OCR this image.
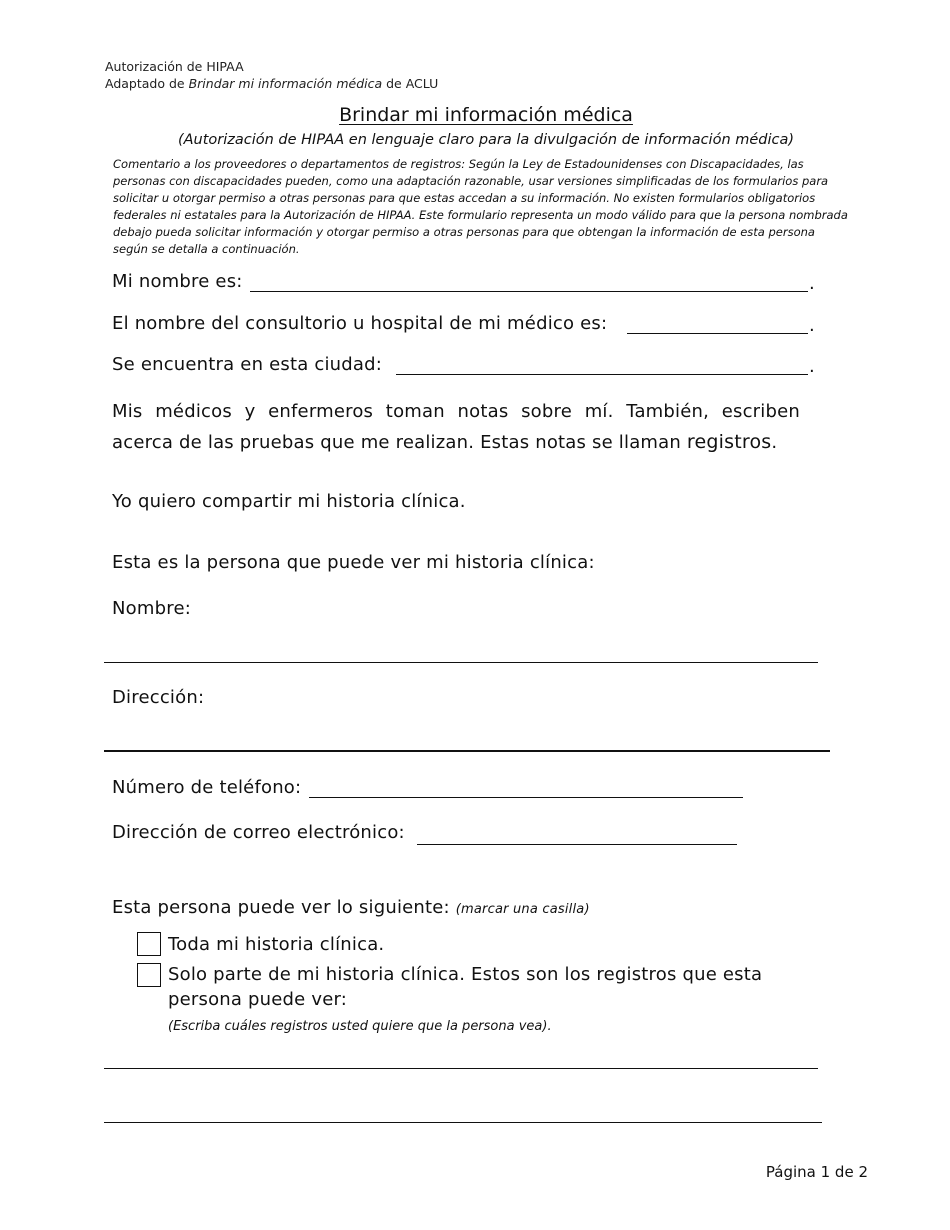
Autorización de HIPAA
Adaptado de Brindar mi información médica de ACLU
Brindar mi información médica
(Autorización de HIPAA en lenguaje claro para la divulgación de información médica)
Comentario a los proveedores o departamentos de registros: Según la Ley de Estadounidenses con Discapacidades, las personas con discapacidades pueden, como una adaptación razonable, usar versiones simplificadas de los formularios para solicitar u otorgar permiso a otras personas para que estas accedan a su información. No existen formularios obligatorios federales ni estatales para la Autorización de HIPAA. Este formulario representa un modo válido para que la persona nombrada debajo pueda solicitar información y otorgar permiso a otras personas para que obtengan la información de esta persona según se detalla a continuación.
Mi nombre es:	.
El nombre del consultorio u hospital de mi médico es:	.
Se encuentra en esta ciudad:	.
Mis médicos y enfermeros toman notas sobre mí. También, escriben acerca de las pruebas que me realizan. Estas notas se llaman registros.
Yo quiero compartir mi historia clínica.
Esta es la persona que puede ver mi historia clínica:
Nombre:
Dirección:
Número de teléfono:
Dirección de correo electrónico:
Esta persona puede ver lo siguiente: (marcar una casilla)
Toda mi historia clínica.
Solo parte de mi historia clínica. Estos son los registros que esta
persona puede ver:
(Escriba cuáles registros usted quiere que la persona vea).
Página 1 de 2
